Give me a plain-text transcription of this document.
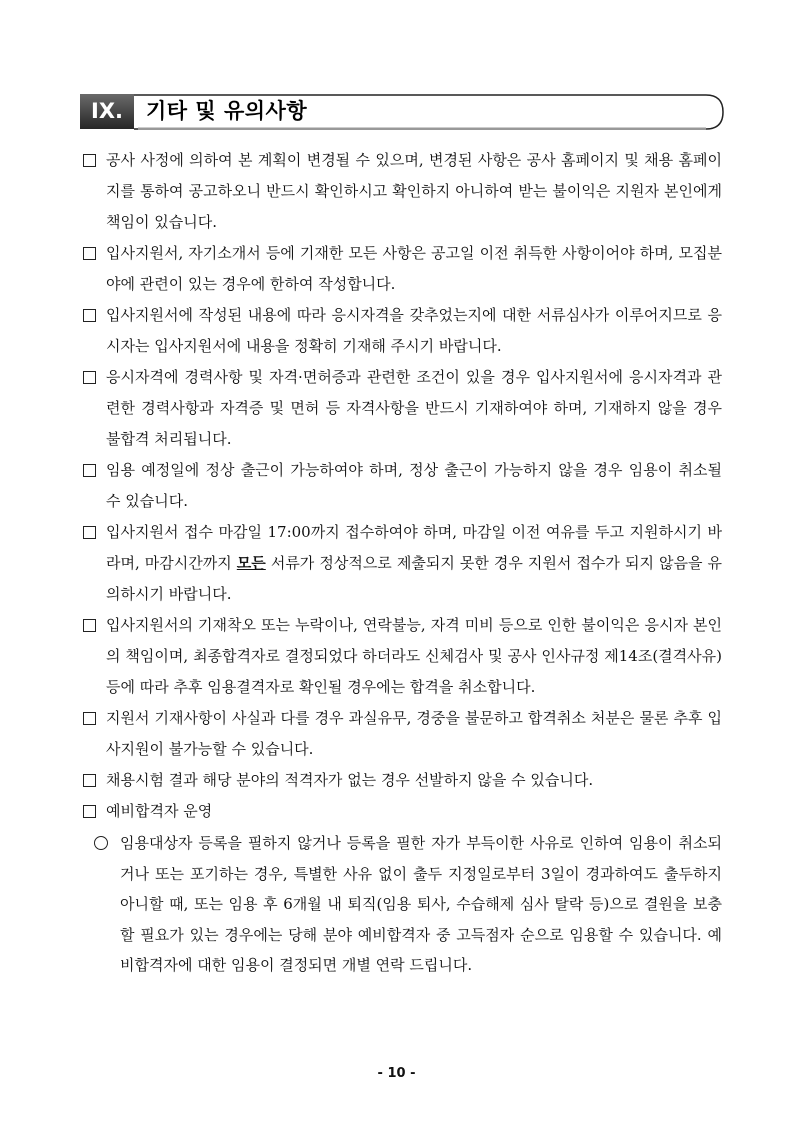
IX.	기타 및 유의사항
공사 사정에 의하여 본 계획이 변경될 수 있으며, 변경된 사항은 공사 홈페이지 및 채용 홈페이지를 통하여 공고하오니 반드시 확인하시고 확인하지 아니하여 받는 불이익은 지원자 본인에게 책임이 있습니다.
입사지원서, 자기소개서 등에 기재한 모든 사항은 공고일 이전 취득한 사항이어야 하며, 모집분야에 관련이 있는 경우에 한하여 작성합니다.
입사지원서에 작성된 내용에 따라 응시자격을 갖추었는지에 대한 서류심사가 이루어지므로 응시자는 입사지원서에 내용을 정확히 기재해 주시기 바랍니다.
응시자격에 경력사항 및 자격·면허증과 관련한 조건이 있을 경우 입사지원서에 응시자격과 관련한 경력사항과 자격증 및 면허 등 자격사항을 반드시 기재하여야 하며, 기재하지 않을 경우 불합격 처리됩니다.
임용 예정일에 정상 출근이 가능하여야 하며, 정상 출근이 가능하지 않을 경우 임용이 취소될 수 있습니다.
입사지원서 접수 마감일 17:00까지 접수하여야 하며, 마감일 이전 여유를 두고 지원하시기 바라며, 마감시간까지 모든 서류가 정상적으로 제출되지 못한 경우 지원서 접수가 되지 않음을 유의하시기 바랍니다.
입사지원서의 기재착오 또는 누락이나, 연락불능, 자격 미비 등으로 인한 불이익은 응시자 본인의 책임이며, 최종합격자로 결정되었다 하더라도 신체검사 및 공사 인사규정 제14조(결격사유)등에 따라 추후 임용결격자로 확인될 경우에는 합격을 취소합니다.
지원서 기재사항이 사실과 다를 경우 과실유무, 경중을 불문하고 합격취소 처분은 물론 추후 입사지원이 불가능할 수 있습니다.
채용시험 결과 해당 분야의 적격자가 없는 경우 선발하지 않을 수 있습니다.
예비합격자 운영
임용대상자 등록을 필하지 않거나 등록을 필한 자가 부득이한 사유로 인하여 임용이 취소되거나 또는 포기하는 경우, 특별한 사유 없이 출두 지정일로부터 3일이 경과하여도 출두하지 아니할 때, 또는 임용 후 6개월 내 퇴직(임용 퇴사, 수습해제 심사 탈락 등)으로 결원을 보충할 필요가 있는 경우에는 당해 분야 예비합격자 중 고득점자 순으로 임용할 수 있습니다. 예비합격자에 대한 임용이 결정되면 개별 연락 드립니다.
- 10 -
